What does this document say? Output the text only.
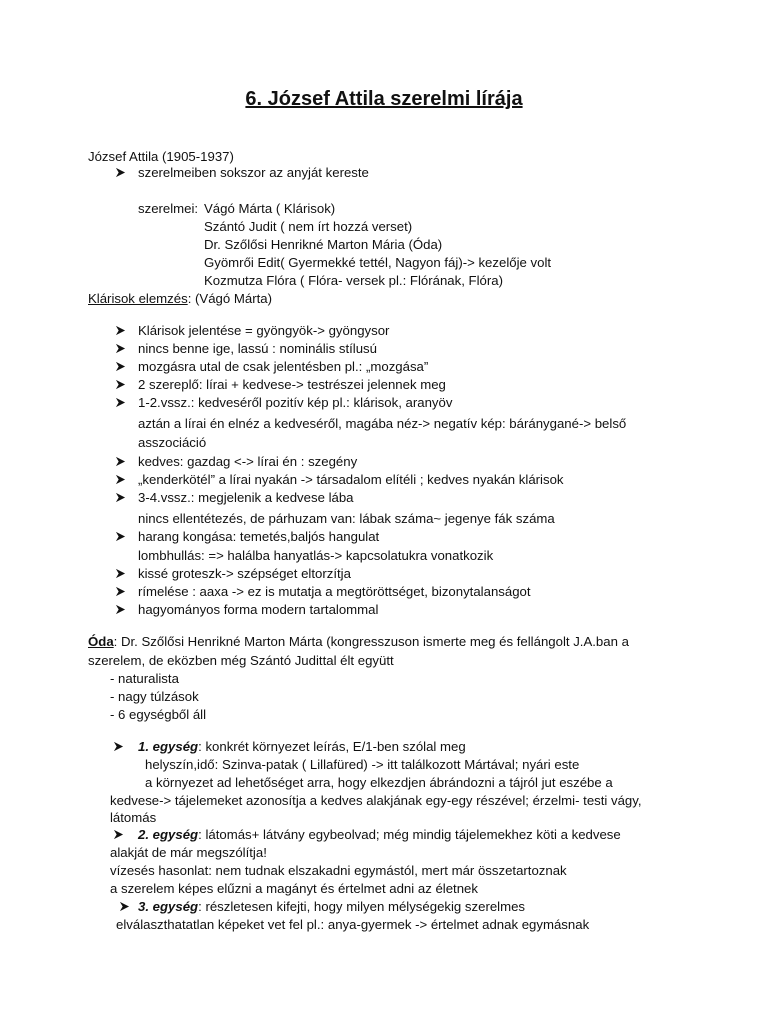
6. József Attila szerelmi lírája
József Attila (1905-1937)
szerelmeiben sokszor az anyját kereste
szerelmei: Vágó Márta ( Klárisok)
Szántó Judit ( nem írt hozzá verset)
Dr. Szőlősi Henrikné Marton Mária (Óda)
Gyömrői Edit( Gyermekké tettél, Nagyon fáj)-> kezelője volt
Kozmutza Flóra ( Flóra- versek pl.: Flórának, Flóra)
Klárisok elemzés: (Vágó Márta)
Klárisok jelentése = gyöngyök-> gyöngysor
nincs benne ige, lassú : nominális stílusú
mozgásra utal de csak jelentésben pl.: „mozgása”
2 szereplő: lírai + kedvese-> testrészei jelennek meg
1-2.vssz.: kedveséről pozitív kép pl.: klárisok, aranyöv
aztán a lírai én elnéz a kedveséről, magába néz-> negatív kép: báránygané-> belső
asszociáció
kedves: gazdag <-> lírai én : szegény
„kenderkötél” a lírai nyakán -> társadalom elítéli ; kedves nyakán klárisok
3-4.vssz.: megjelenik a kedvese lába
nincs ellentétezés, de párhuzam van: lábak száma~ jegenye fák száma
harang kongása: temetés,baljós hangulat
lombhullás: => halálba hanyatlás-> kapcsolatukra vonatkozik
kissé groteszk-> szépséget eltorzítja
rímelése : aaxa -> ez is mutatja a megtöröttséget, bizonytalanságot
hagyományos forma modern tartalommal
Óda: Dr. Szőlősi Henrikné Marton Márta (kongresszuson ismerte meg és fellángolt J.A.ban a
szerelem, de eközben még Szántó Judittal élt együtt
- naturalista
- nagy túlzások
- 6 egységből áll
1. egység: konkrét környezet leírás, E/1-ben szólal meg
helyszín,idő: Szinva-patak ( Lillafüred) -> itt találkozott Mártával; nyári este
a környezet ad lehetőséget arra, hogy elkezdjen ábrándozni a tájról jut eszébe a
kedvese-> tájelemeket azonosítja a kedves alakjának egy-egy részével; érzelmi- testi vágy,
látomás
2. egység: látomás+ látvány egybeolvad; még mindig tájelemekhez köti a kedvese
alakját de már megszólítja!
vízesés hasonlat: nem tudnak elszakadni egymástól, mert már összetartoznak
a szerelem képes elűzni a magányt és értelmet adni az életnek
3. egység: részletesen kifejti, hogy milyen mélységekig szerelmes
elválaszthatatlan képeket vet fel pl.: anya-gyermek -> értelmet adnak egymásnak
